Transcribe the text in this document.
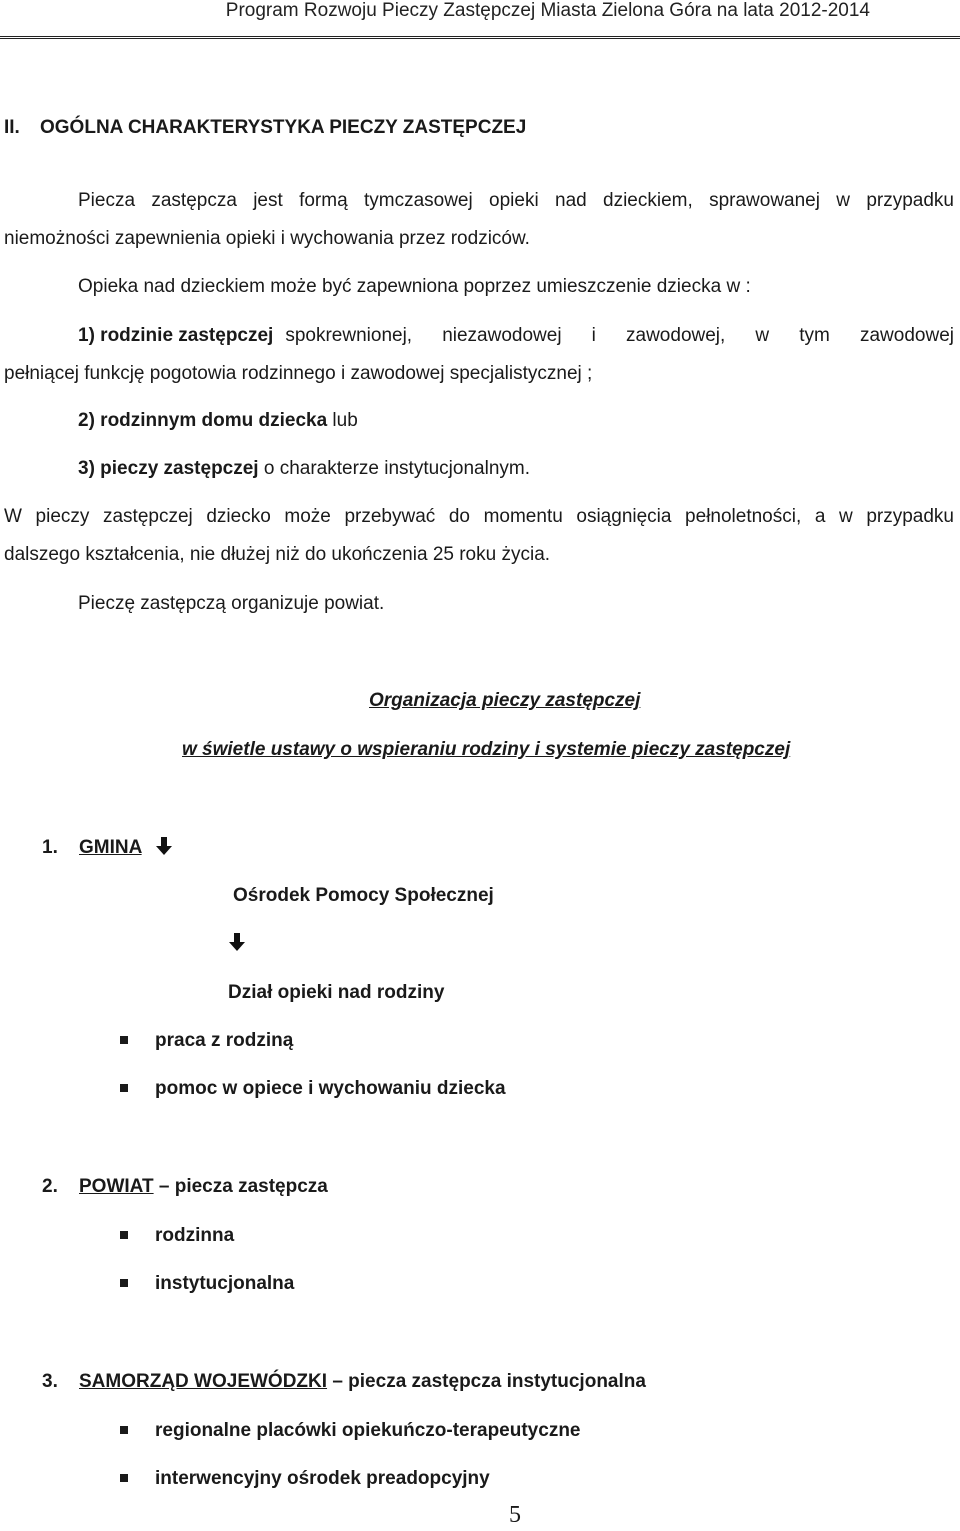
Program Rozwoju Pieczy Zastępczej Miasta Zielona Góra na lata 2012-2014
II. OGÓLNA CHARAKTERYSTYKA PIECZY ZASTĘPCZEJ
Piecza zastępcza jest formą tymczasowej opieki nad dzieckiem, sprawowanej w przypadku
niemożności zapewnienia opieki i wychowania przez rodziców.
Opieka nad dzieckiem może być zapewniona poprzez umieszczenie dziecka w :
1) rodzinie zastępczej spokrewnionej, niezawodowej i zawodowej, w tym zawodowej
pełniącej funkcję pogotowia rodzinnego i zawodowej specjalistycznej ;
2) rodzinnym domu dziecka lub
3) pieczy zastępczej o charakterze instytucjonalnym.
W pieczy zastępczej dziecko może przebywać do momentu osiągnięcia pełnoletności, a w przypadku
dalszego kształcenia, nie dłużej niż do ukończenia 25 roku życia.
Pieczę zastępczą organizuje powiat.
Organizacja pieczy zastępczej
w świetle ustawy o wspieraniu rodziny i systemie pieczy zastępczej
1. GMINA
Ośrodek Pomocy Społecznej
Dział opieki nad rodziny
praca z rodziną
pomoc w opiece i wychowaniu dziecka
2. POWIAT – piecza zastępcza
rodzinna
instytucjonalna
3. SAMORZĄD WOJEWÓDZKI – piecza zastępcza instytucjonalna
regionalne placówki opiekuńczo-terapeutyczne
interwencyjny ośrodek preadopcyjny
5
